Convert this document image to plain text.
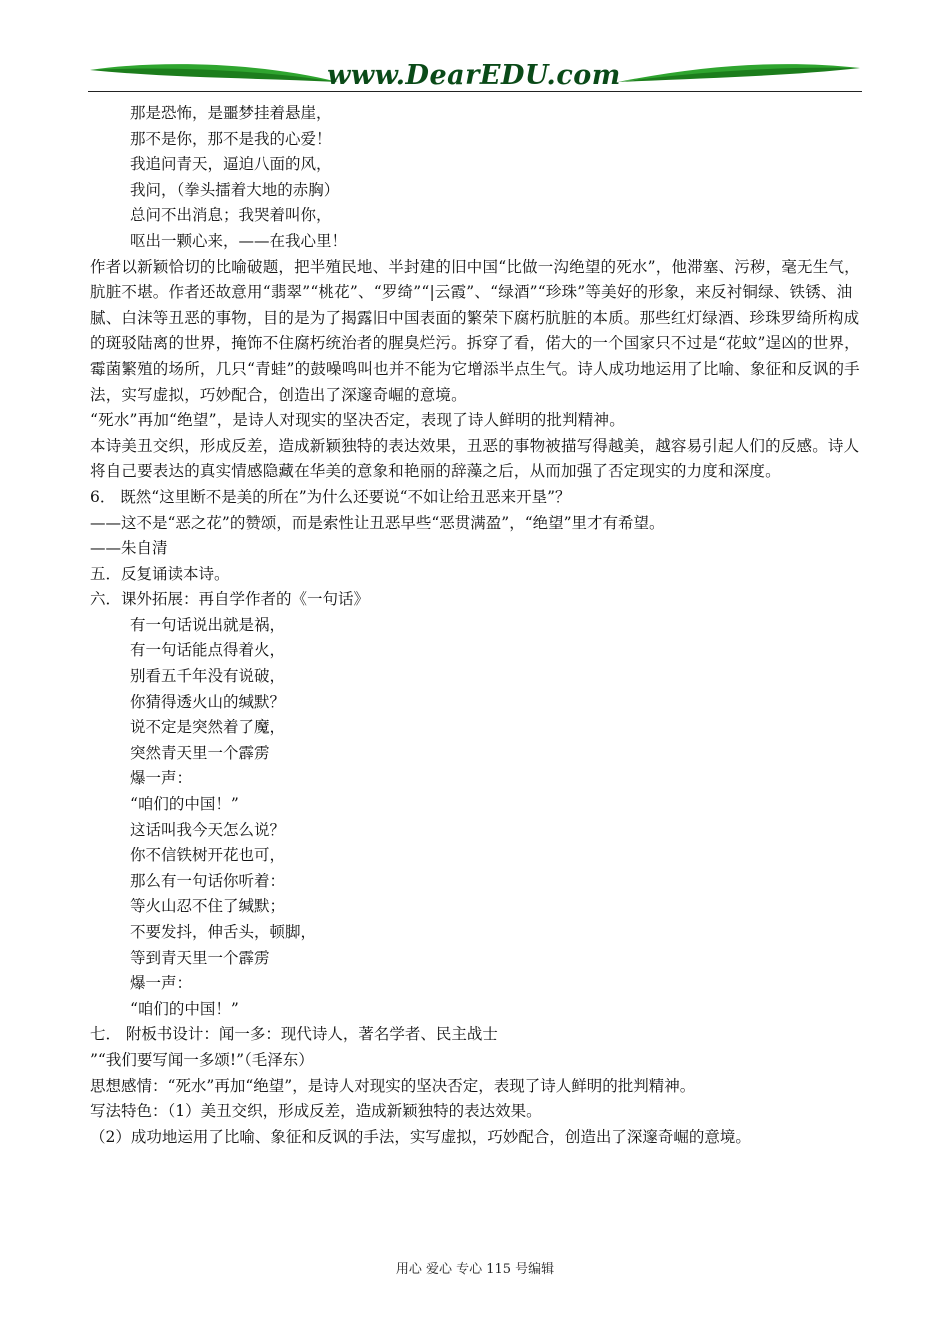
www.DearEDU.com
那是恐怖，是噩梦挂着悬崖，
那不是你，那不是我的心爱！
我追问青天，逼迫八面的风，
我问，（拳头擂着大地的赤胸）
总问不出消息；我哭着叫你，
呕出一颗心来，——在我心里！
作者以新颖恰切的比喻破题，把半殖民地、半封建的旧中国“比做一沟绝望的死水”，他滞塞、污秽，毫无生气，肮脏不堪。作者还故意用“翡翠”“桃花”、“罗绮”“|云霞”、“绿酒”“珍珠”等美好的形象，来反衬铜绿、铁锈、油腻、白沫等丑恶的事物，目的是为了揭露旧中国表面的繁荣下腐朽肮脏的本质。那些红灯绿酒、珍珠罗绮所构成的斑驳陆离的世界，掩饰不住腐朽统治者的腥臭烂污。拆穿了看，偌大的一个国家只不过是“花蚊”逞凶的世界，霉菌繁殖的场所，几只“青蛙”的鼓噪鸣叫也并不能为它增添半点生气。诗人成功地运用了比喻、象征和反讽的手法，实写虚拟，巧妙配合，创造出了深邃奇崛的意境。
“死水”再加“绝望”，是诗人对现实的坚决否定，表现了诗人鲜明的批判精神。
本诗美丑交织，形成反差，造成新颖独特的表达效果，丑恶的事物被描写得越美，越容易引起人们的反感。诗人将自己要表达的真实情感隐藏在华美的意象和艳丽的辞藻之后，从而加强了否定现实的力度和深度。
6． 既然“这里断不是美的所在”为什么还要说“不如让给丑恶来开垦”？
——这不是“恶之花”的赞颂，而是索性让丑恶早些“恶贯满盈”，“绝望”里才有希望。
——朱自清
五．反复诵读本诗。
六．课外拓展：再自学作者的《一句话》
有一句话说出就是祸，
有一句话能点得着火，
别看五千年没有说破，
你猜得透火山的缄默？
说不定是突然着了魔，
突然青天里一个霹雳
爆一声：
“咱们的中国！”
这话叫我今天怎么说？
你不信铁树开花也可，
那么有一句话你听着：
等火山忍不住了缄默；
不要发抖，伸舌头，顿脚，
等到青天里一个霹雳
爆一声：
“咱们的中国！”
七． 附板书设计：闻一多：现代诗人，著名学者、民主战士
”“我们要写闻一多颂!”（毛泽东）
思想感情：“死水”再加“绝望”，是诗人对现实的坚决否定，表现了诗人鲜明的批判精神。
写法特色：（1）美丑交织，形成反差，造成新颖独特的表达效果。
（2）成功地运用了比喻、象征和反讽的手法，实写虚拟，巧妙配合，创造出了深邃奇崛的意境。
用心 爱心 专心 115 号编辑
